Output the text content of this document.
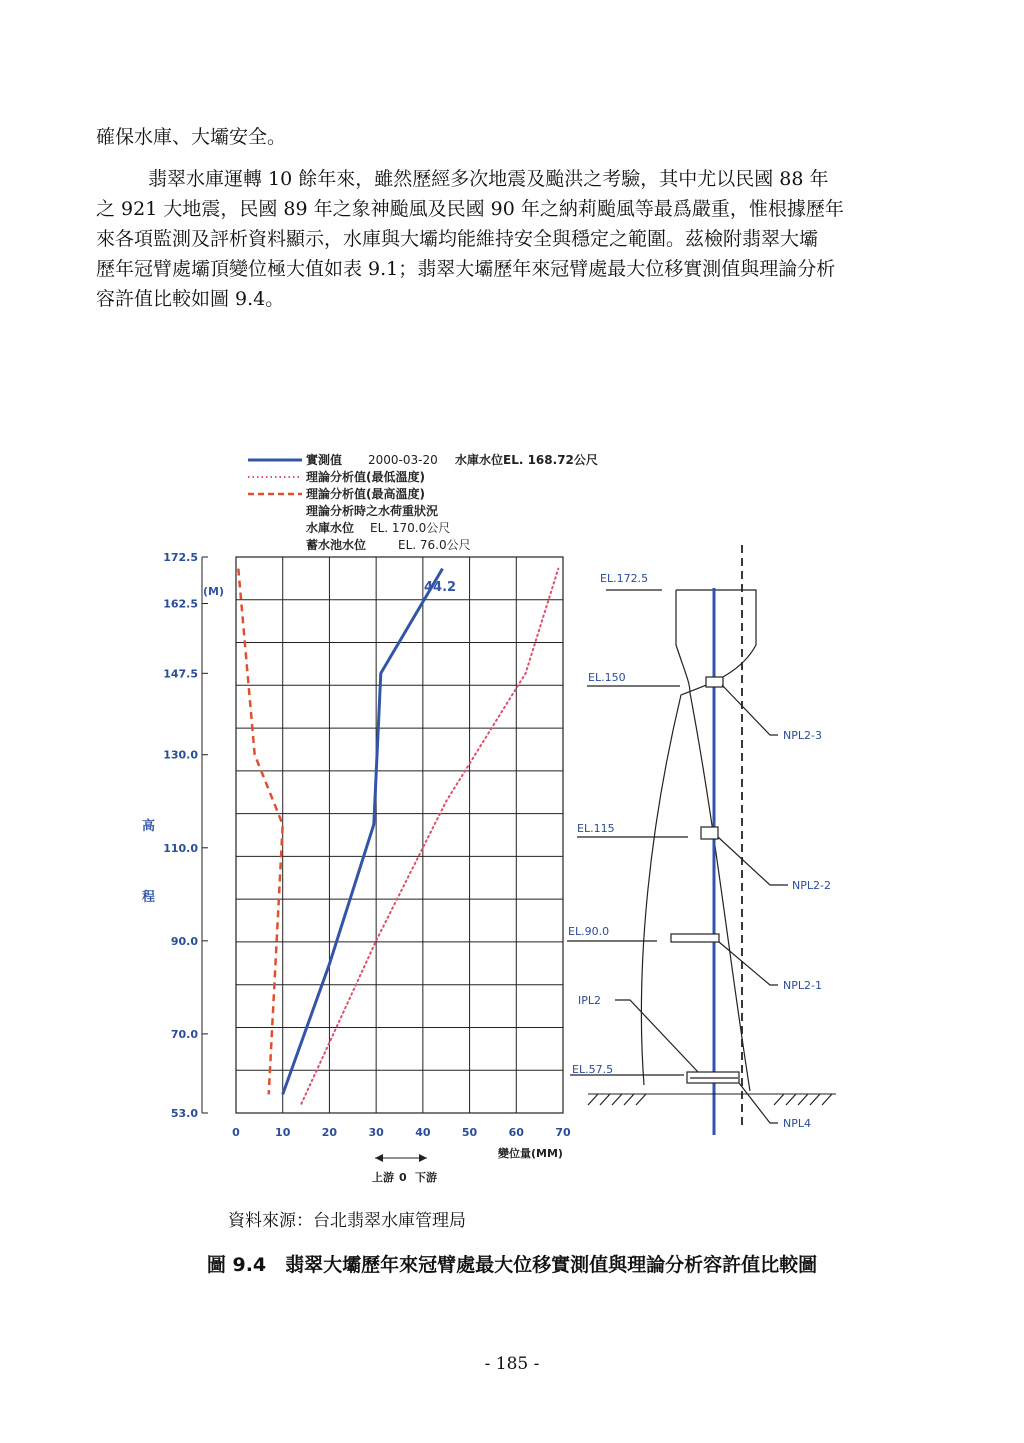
確保水庫、大壩安全。

翡翠水庫運轉 10 餘年來，雖然歷經多次地震及颱洪之考驗，其中尤以民國 88 年
之 921 大地震，民國 89 年之象神颱風及民國 90 年之納莉颱風等最爲嚴重，惟根據歷年
來各項監測及評析資料顯示，水庫與大壩均能維持安全與穩定之範圍。茲檢附翡翠大壩
歷年冠臂處壩頂變位極大值如表 9.1；翡翠大壩歷年來冠臂處最大位移實測值與理論分析
容許值比較如圖 9.4。

實測值 2000-03-20 水庫水位EL. 168.72公尺
理論分析值(最低溫度)
理論分析值(最高溫度)
理論分析時之水荷重狀況
水庫水位 EL. 170.0公尺
蓄水池水位	EL. 76.0公尺
172.5
162.5
147.5
130.0
110.0
90.0
70.0
53.0
0	10	20	30	40	50	60	70
(M)
高
程
變位量(MM)
44.2
上游 0 下游
EL.172.5
EL.150
EL.115
EL.90.0
EL.57.5
IPL2
NPL2-3
NPL2-2
NPL2-1
NPL4
資料來源：台北翡翠水庫管理局
圖 9.4　翡翠大壩歷年來冠臂處最大位移實測值與理論分析容許值比較圖
- 185 -
